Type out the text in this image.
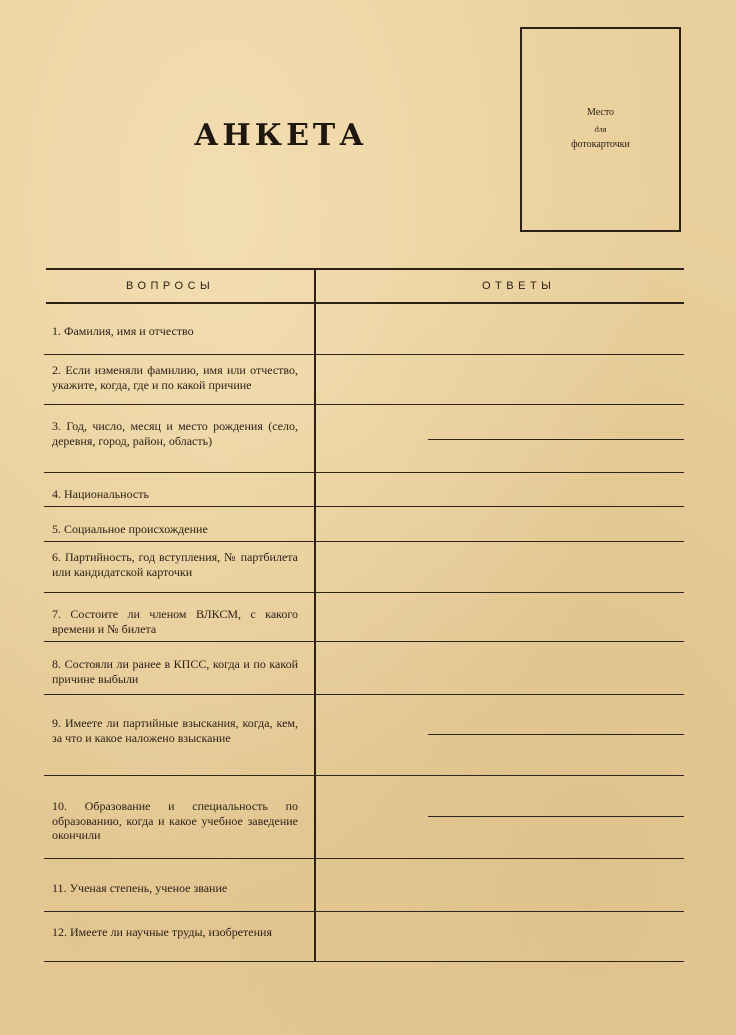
АНКЕТА
Место
для
фотокарточки
ВОПРОСЫ	ОТВЕТЫ
1. Фамилия, имя и отчество
2. Если изменяли фамилию, имя или отчество, укажите, когда, где и по какой причине
3. Год, число, месяц и место рождения (село, деревня, город, район, область)
4. Национальность
5. Социальное происхождение
6. Партийность, год вступления, № партбилета или кандидатской карточки
7. Состоите ли членом ВЛКСМ, с какого времени и № билета
8. Состояли ли ранее в КПСС, когда и по какой причине выбыли
9. Имеете ли партийные взыскания, когда, кем, за что и какое наложено взыскание
10. Образование и специальность по образованию, когда и какое учебное заведение окончили
11. Ученая степень, ученое звание
12. Имеете ли научные труды, изобретения
